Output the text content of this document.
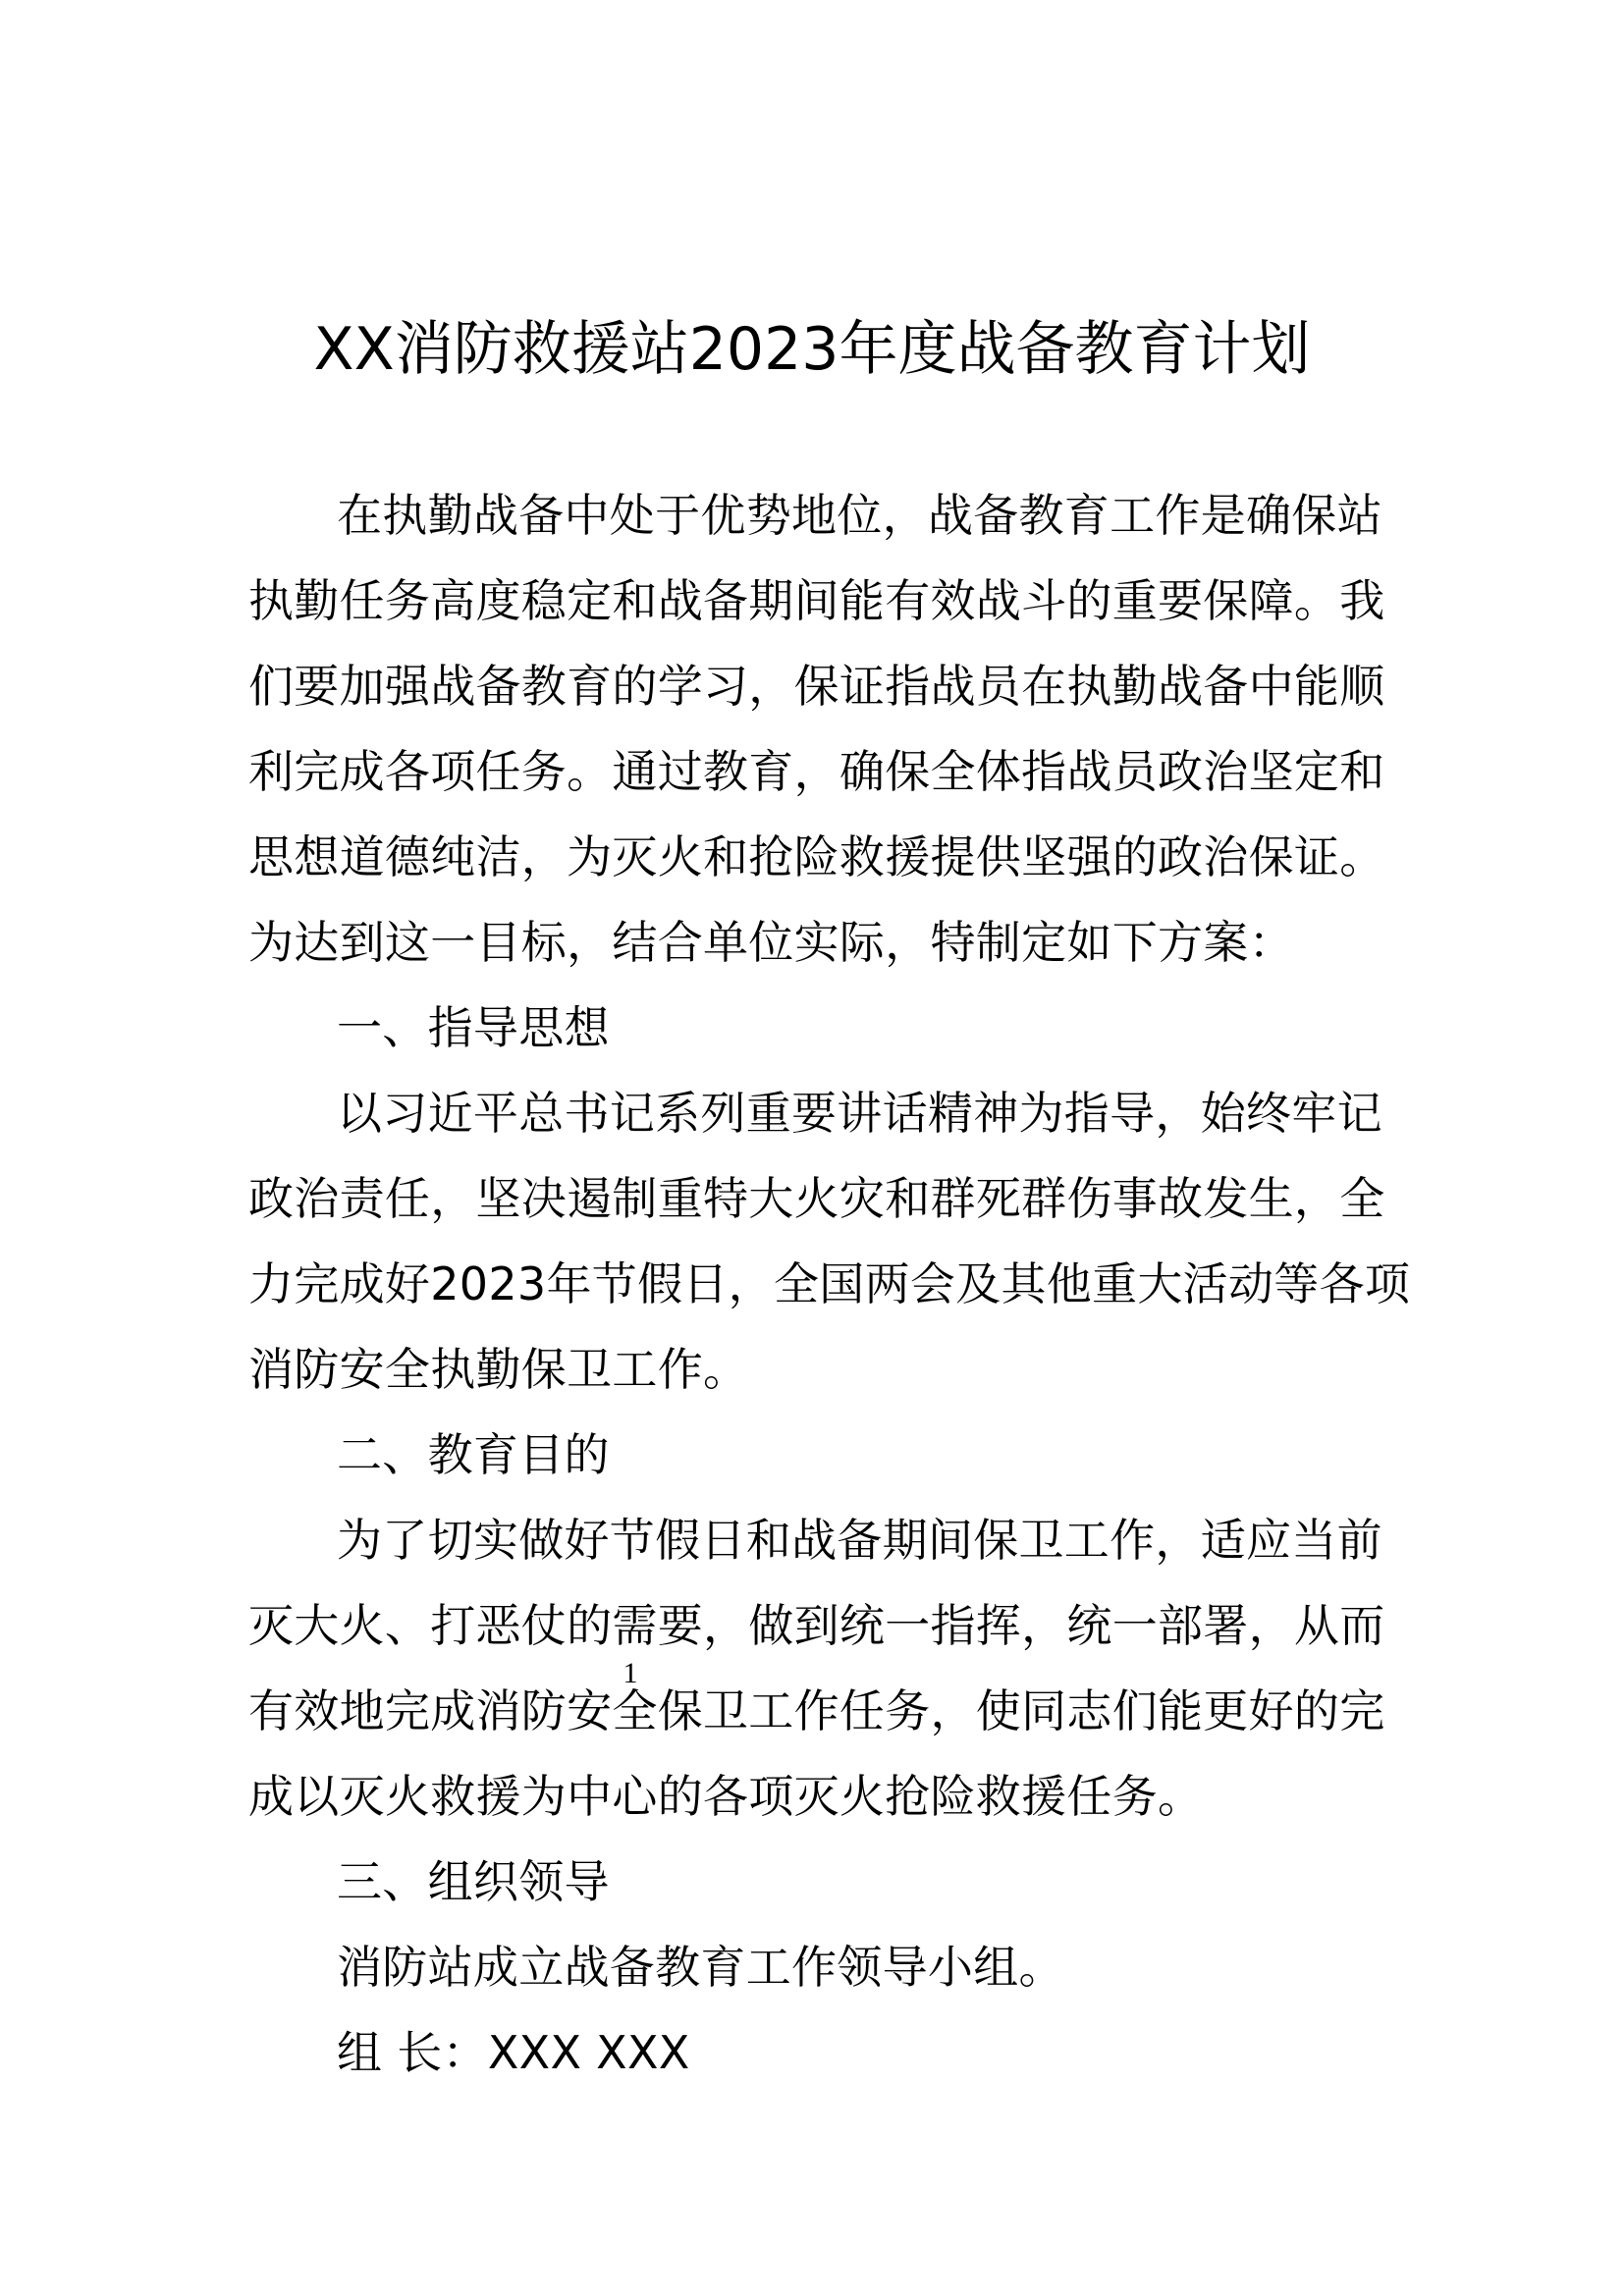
XX消防救援站2023年度战备教育计划
在执勤战备中处于优势地位，战备教育工作是确保站
执勤任务高度稳定和战备期间能有效战斗的重要保障。我
们要加强战备教育的学习，保证指战员在执勤战备中能顺
利完成各项任务。通过教育，确保全体指战员政治坚定和
思想道德纯洁，为灭火和抢险救援提供坚强的政治保证。
为达到这一目标，结合单位实际，特制定如下方案：
一、指导思想
以习近平总书记系列重要讲话精神为指导，始终牢记
政治责任，坚决遏制重特大火灾和群死群伤事故发生，全
力完成好2023年节假日，全国两会及其他重大活动等各项
消防安全执勤保卫工作。
二、教育目的
为了切实做好节假日和战备期间保卫工作，适应当前
灭大火、打恶仗的需要，做到统一指挥，统一部署，从而
有效地完成消防安全保卫工作任务，使同志们能更好的完
成以灭火救援为中心的各项灭火抢险救援任务。
三、组织领导
消防站成立战备教育工作领导小组。
组 长：XXX XXX
1
